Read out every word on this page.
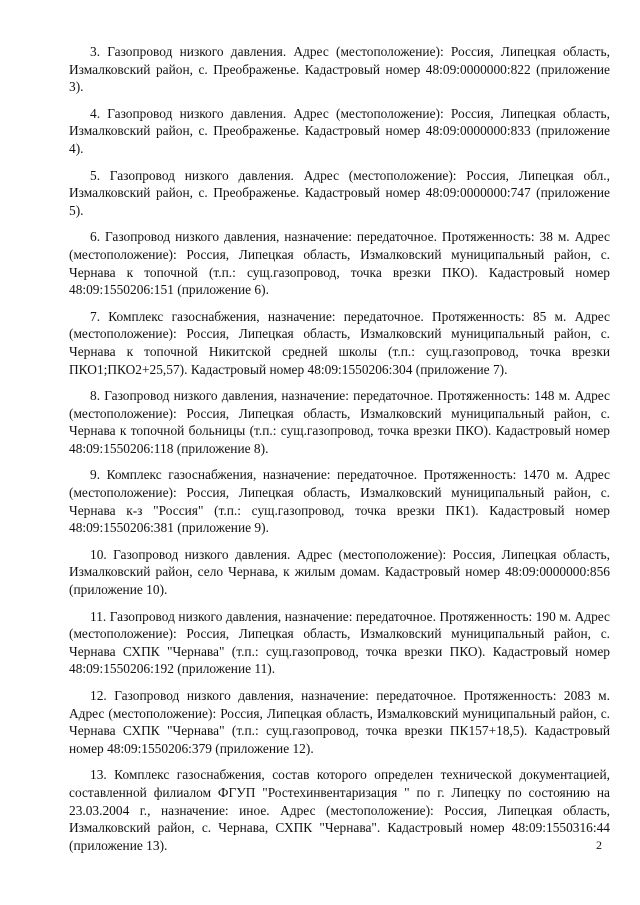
3. Газопровод низкого давления. Адрес (местоположение): Россия, Липецкая область, Измалковский район, с. Преображенье. Кадастровый номер 48:09:0000000:822 (приложение 3).

4. Газопровод низкого давления. Адрес (местоположение): Россия, Липецкая область, Измалковский район, с. Преображенье. Кадастровый номер 48:09:0000000:833 (приложение 4).

5. Газопровод низкого давления. Адрес (местоположение): Россия, Липецкая обл., Измалковский район, с. Преображенье. Кадастровый номер 48:09:0000000:747 (приложение 5).

6. Газопровод низкого давления, назначение: передаточное. Протяженность: 38 м. Адрес (местоположение): Россия, Липецкая область, Измалковский муниципальный район, с. Чернава к топочной (т.п.: сущ.газопровод, точка врезки ПКО). Кадастровый номер 48:09:1550206:151 (приложение 6).

7. Комплекс газоснабжения, назначение: передаточное. Протяженность: 85 м. Адрес (местоположение): Россия, Липецкая область, Измалковский муниципальный район, с. Чернава к топочной Никитской средней школы (т.п.: сущ.газопровод, точка врезки ПКО1;ПКО2+25,57). Кадастровый номер 48:09:1550206:304 (приложение 7).

8. Газопровод низкого давления, назначение: передаточное. Протяженность: 148 м. Адрес (местоположение): Россия, Липецкая область, Измалковский муниципальный район, с. Чернава к топочной больницы (т.п.: сущ.газопровод, точка врезки ПКО). Кадастровый номер 48:09:1550206:118 (приложение 8).

9. Комплекс газоснабжения, назначение: передаточное. Протяженность: 1470 м. Адрес (местоположение): Россия, Липецкая область, Измалковский муниципальный район, с. Чернава к-з "Россия" (т.п.: сущ.газопровод, точка врезки ПК1). Кадастровый номер 48:09:1550206:381 (приложение 9).

10. Газопровод низкого давления. Адрес (местоположение): Россия, Липецкая область, Измалковский район, село Чернава, к жилым домам. Кадастровый номер 48:09:0000000:856 (приложение 10).

11. Газопровод низкого давления, назначение: передаточное. Протяженность: 190 м. Адрес (местоположение): Россия, Липецкая область, Измалковский муниципальный район, с. Чернава СХПК "Чернава" (т.п.: сущ.газопровод, точка врезки ПКО). Кадастровый номер 48:09:1550206:192 (приложение 11).

12. Газопровод низкого давления, назначение: передаточное. Протяженность: 2083 м. Адрес (местоположение): Россия, Липецкая область, Измалковский муниципальный район, с. Чернава СХПК "Чернава" (т.п.: сущ.газопровод, точка врезки ПК157+18,5). Кадастровый номер 48:09:1550206:379 (приложение 12).

13. Комплекс газоснабжения, состав которого определен технической документацией, составленной филиалом ФГУП "Ростехинвентаризация " по г. Липецку по состоянию на 23.03.2004 г., назначение: иное. Адрес (местоположение): Россия, Липецкая область, Измалковский район, с. Чернава, СХПК "Чернава". Кадастровый номер 48:09:1550316:44 (приложение 13).	2
